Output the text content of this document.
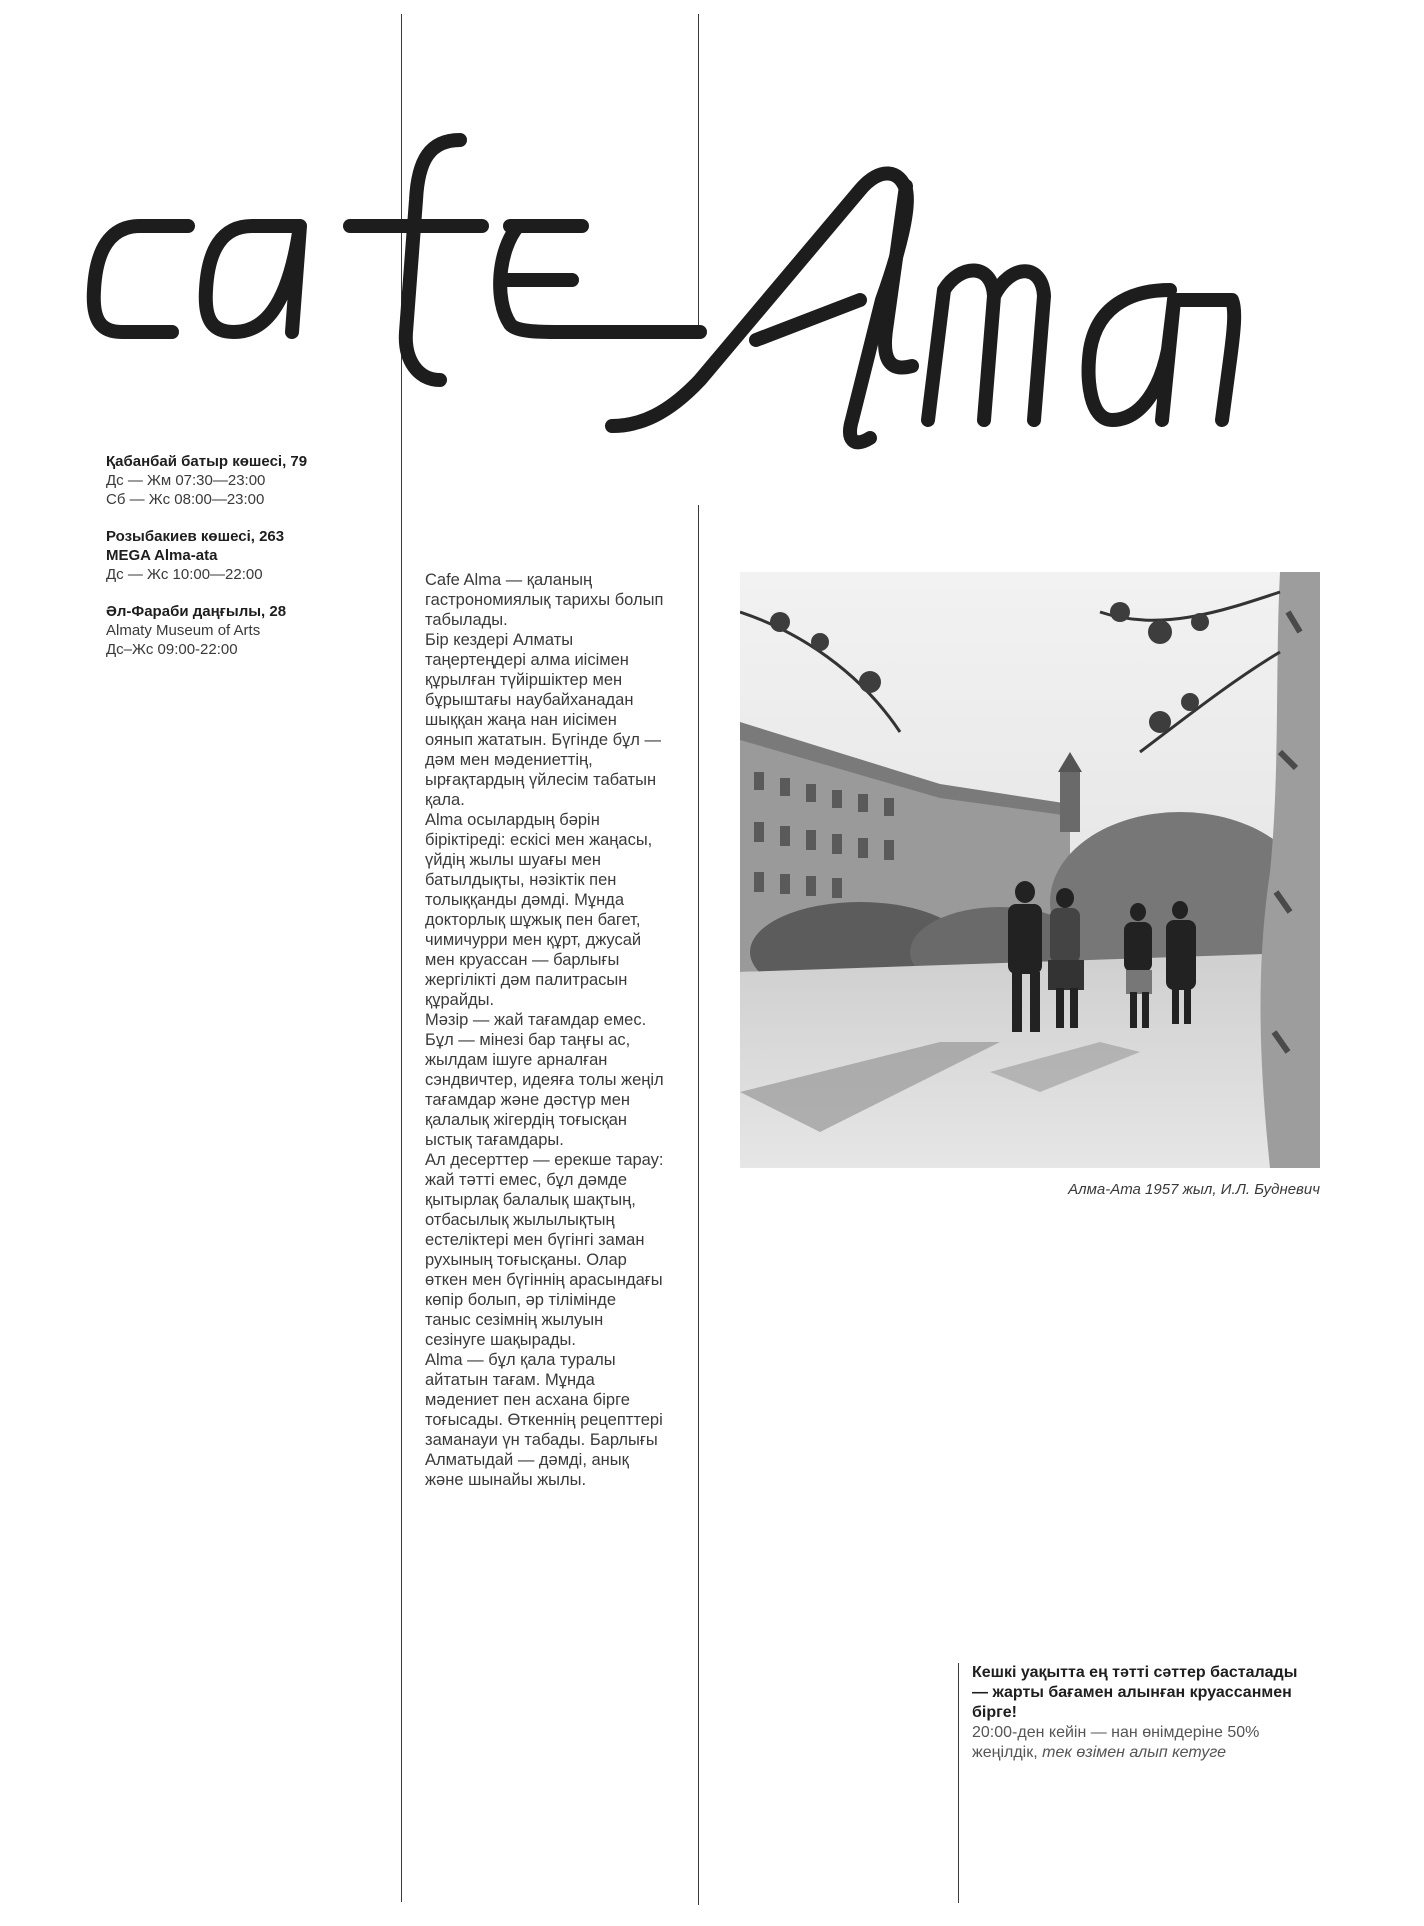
Қабанбай батыр көшесі, 79
Дс — Жм 07:30—23:00
Сб — Жс 08:00—23:00
Розыбакиев көшесі, 263
MEGA Alma-ata
Дс — Жс 10:00—22:00
Әл-Фараби даңғылы, 28
Almaty Museum of Arts
Дс–Жс 09:00-22:00

Cafe Alma — қаланың гастрономиялық тарихы болып табылады.

Бір кездері Алматы таңертеңдері алма иісімен құрылған түйіршіктер мен бұрыштағы наубайханадан шыққан жаңа нан иісімен оянып жататын. Бүгінде бұл — дәм мен мәдениеттің, ырғақтардың үйлесім табатын қала.

Alma осылардың бәрін біріктіреді: ескісі мен жаңасы, үйдің жылы шуағы мен батылдықты, нәзіктік пен толыққанды дәмді. Мұнда докторлық шұжық пен багет, чимичурри мен құрт, джусай мен круассан — барлығы жергілікті дәм палитрасын құрайды.

Мәзір — жай тағамдар емес. Бұл — мінезі бар таңғы ас, жылдам ішуге арналған сэндвичтер, идеяға толы жеңіл тағамдар және дәстүр мен қалалық жігердің тоғысқан ыстық тағамдары.

Ал десерттер — ерекше тарау: жай тәтті емес, бұл дәмде қытырлақ балалық шақтың, отбасылық жылылықтың естеліктері мен бүгінгі заман рухының тоғысқаны. Олар өткен мен бүгіннің арасындағы көпір болып, әр тілімінде таныс сезімнің жылуын сезінуге шақырады.

Alma — бұл қала туралы айтатын тағам. Мұнда мәдениет пен асхана бірге тоғысады. Өткеннің рецепттері заманауи үн табады. Барлығы Алматыдай — дәмді, анық және шынайы жылы.

Алма-Ата 1957 жыл, И.Л. Будневич
Кешкі уақытта ең тәтті сәттер басталады — жарты бағамен алынған круассанмен бірге!
20:00-ден кейін — нан өнімдеріне 50% жеңілдік, тек өзімен алып кетуге
